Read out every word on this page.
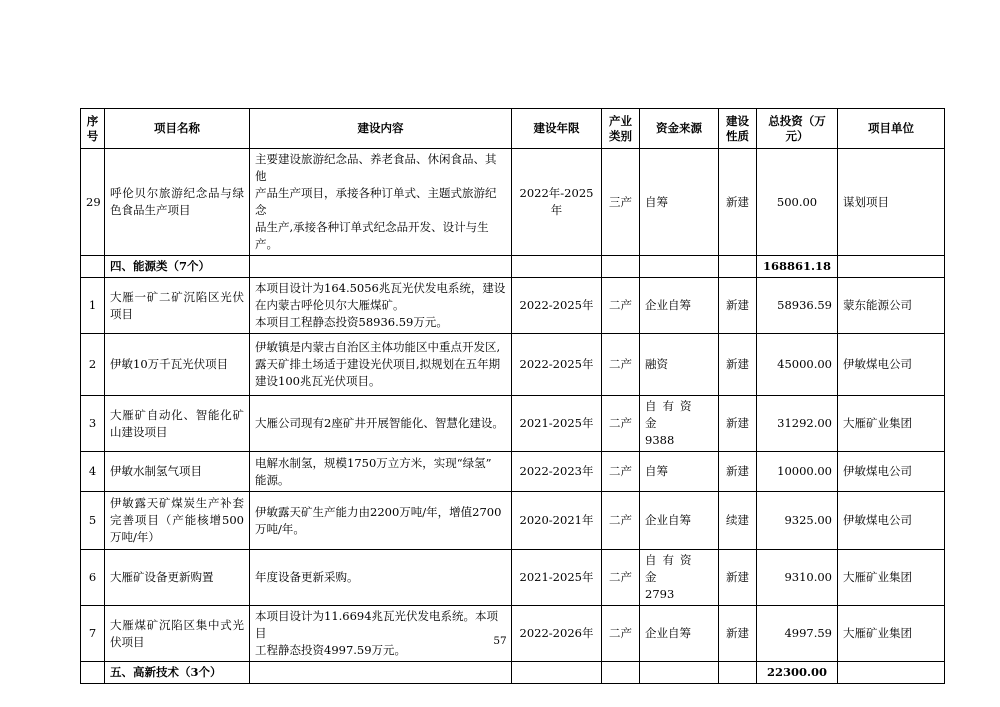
序号	项目名称	建设内容	建设年限	产业类别	资金来源	建设性质	总投资（万元）	项目单位
29	呼伦贝尔旅游纪念品与绿色食品生产项目	主要建设旅游纪念品、养老食品、休闲食品、其他
产品生产项目，承接各种订单式、主题式旅游纪念
品生产,承接各种订单式纪念品开发、设计与生产。	2022年-2025年	三产	自筹	新建	500.00	谋划项目
	四、能源类（7个）						168861.18	
1	大雁一矿二矿沉陷区光伏项目	本项目设计为164.5056兆瓦光伏发电系统，建设
在内蒙古呼伦贝尔大雁煤矿。
本项目工程静态投资58936.59万元。	2022-2025年	二产	企业自筹	新建	58936.59	蒙东能源公司
2	伊敏10万千瓦光伏项目	伊敏镇是内蒙古自治区主体功能区中重点开发区,
露天矿排土场适于建设光伏项目,拟规划在五年期
建设100兆瓦光伏项目。	2022-2025年	二产	融资	新建	45000.00	伊敏煤电公司
3	大雁矿自动化、智能化矿山建设项目	大雁公司现有2座矿井开展智能化、智慧化建设。	2021-2025年	二产	自有资金
9388	新建	31292.00	大雁矿业集团
4	伊敏水制氢气项目	电解水制氢，规模1750万立方米，实现“绿氢”
能源。	2022-2023年	二产	自筹	新建	10000.00	伊敏煤电公司
5	伊敏露天矿煤炭生产补套完善项目（产能核增500万吨/年）	伊敏露天矿生产能力由2200万吨/年，增值2700
万吨/年。	2020-2021年	二产	企业自筹	续建	9325.00	伊敏煤电公司
6	大雁矿设备更新购置	年度设备更新采购。	2021-2025年	二产	自有资金
2793	新建	9310.00	大雁矿业集团
7	大雁煤矿沉陷区集中式光伏项目	本项目设计为11.6694兆瓦光伏发电系统。本项目
工程静态投资4997.59万元。	2022-2026年	二产	企业自筹	新建	4997.59	大雁矿业集团
	五、高新技术（3个）						22300.00	
57
